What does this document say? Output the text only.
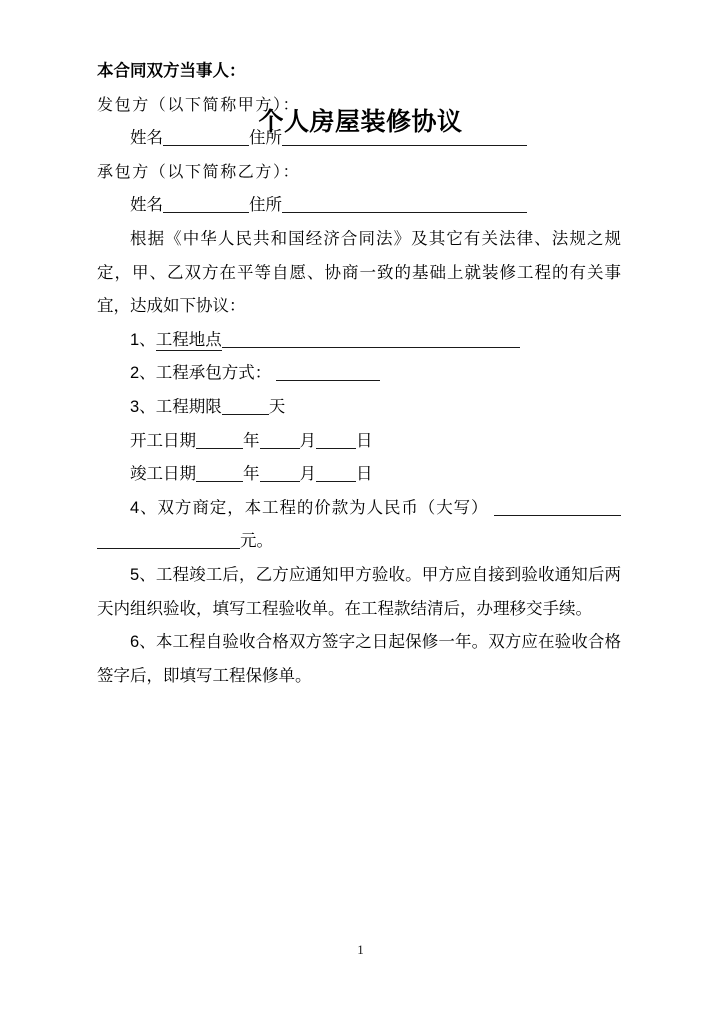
个人房屋装修协议

本合同双方当事人：

发包方（以下简称甲方）：

姓名	住所

承包方（以下简称乙方）：

姓名	住所

根据《中华人民共和国经济合同法》及其它有关法律、法规之规定，甲、乙双方在平等自愿、协商一致的基础上就装修工程的有关事宜，达成如下协议：

1、工程地点

2、工程承包方式：

3、工程期限	天

开工日期	年 月 日

竣工日期	年 月 日

4、双方商定，本工程的价款为人民币（大写） 元。

5、工程竣工后，乙方应通知甲方验收。甲方应自接到验收通知后两天内组织验收，填写工程验收单。在工程款结清后，办理移交手续。

6、本工程自验收合格双方签字之日起保修一年。双方应在验收合格签字后，即填写工程保修单。

1
